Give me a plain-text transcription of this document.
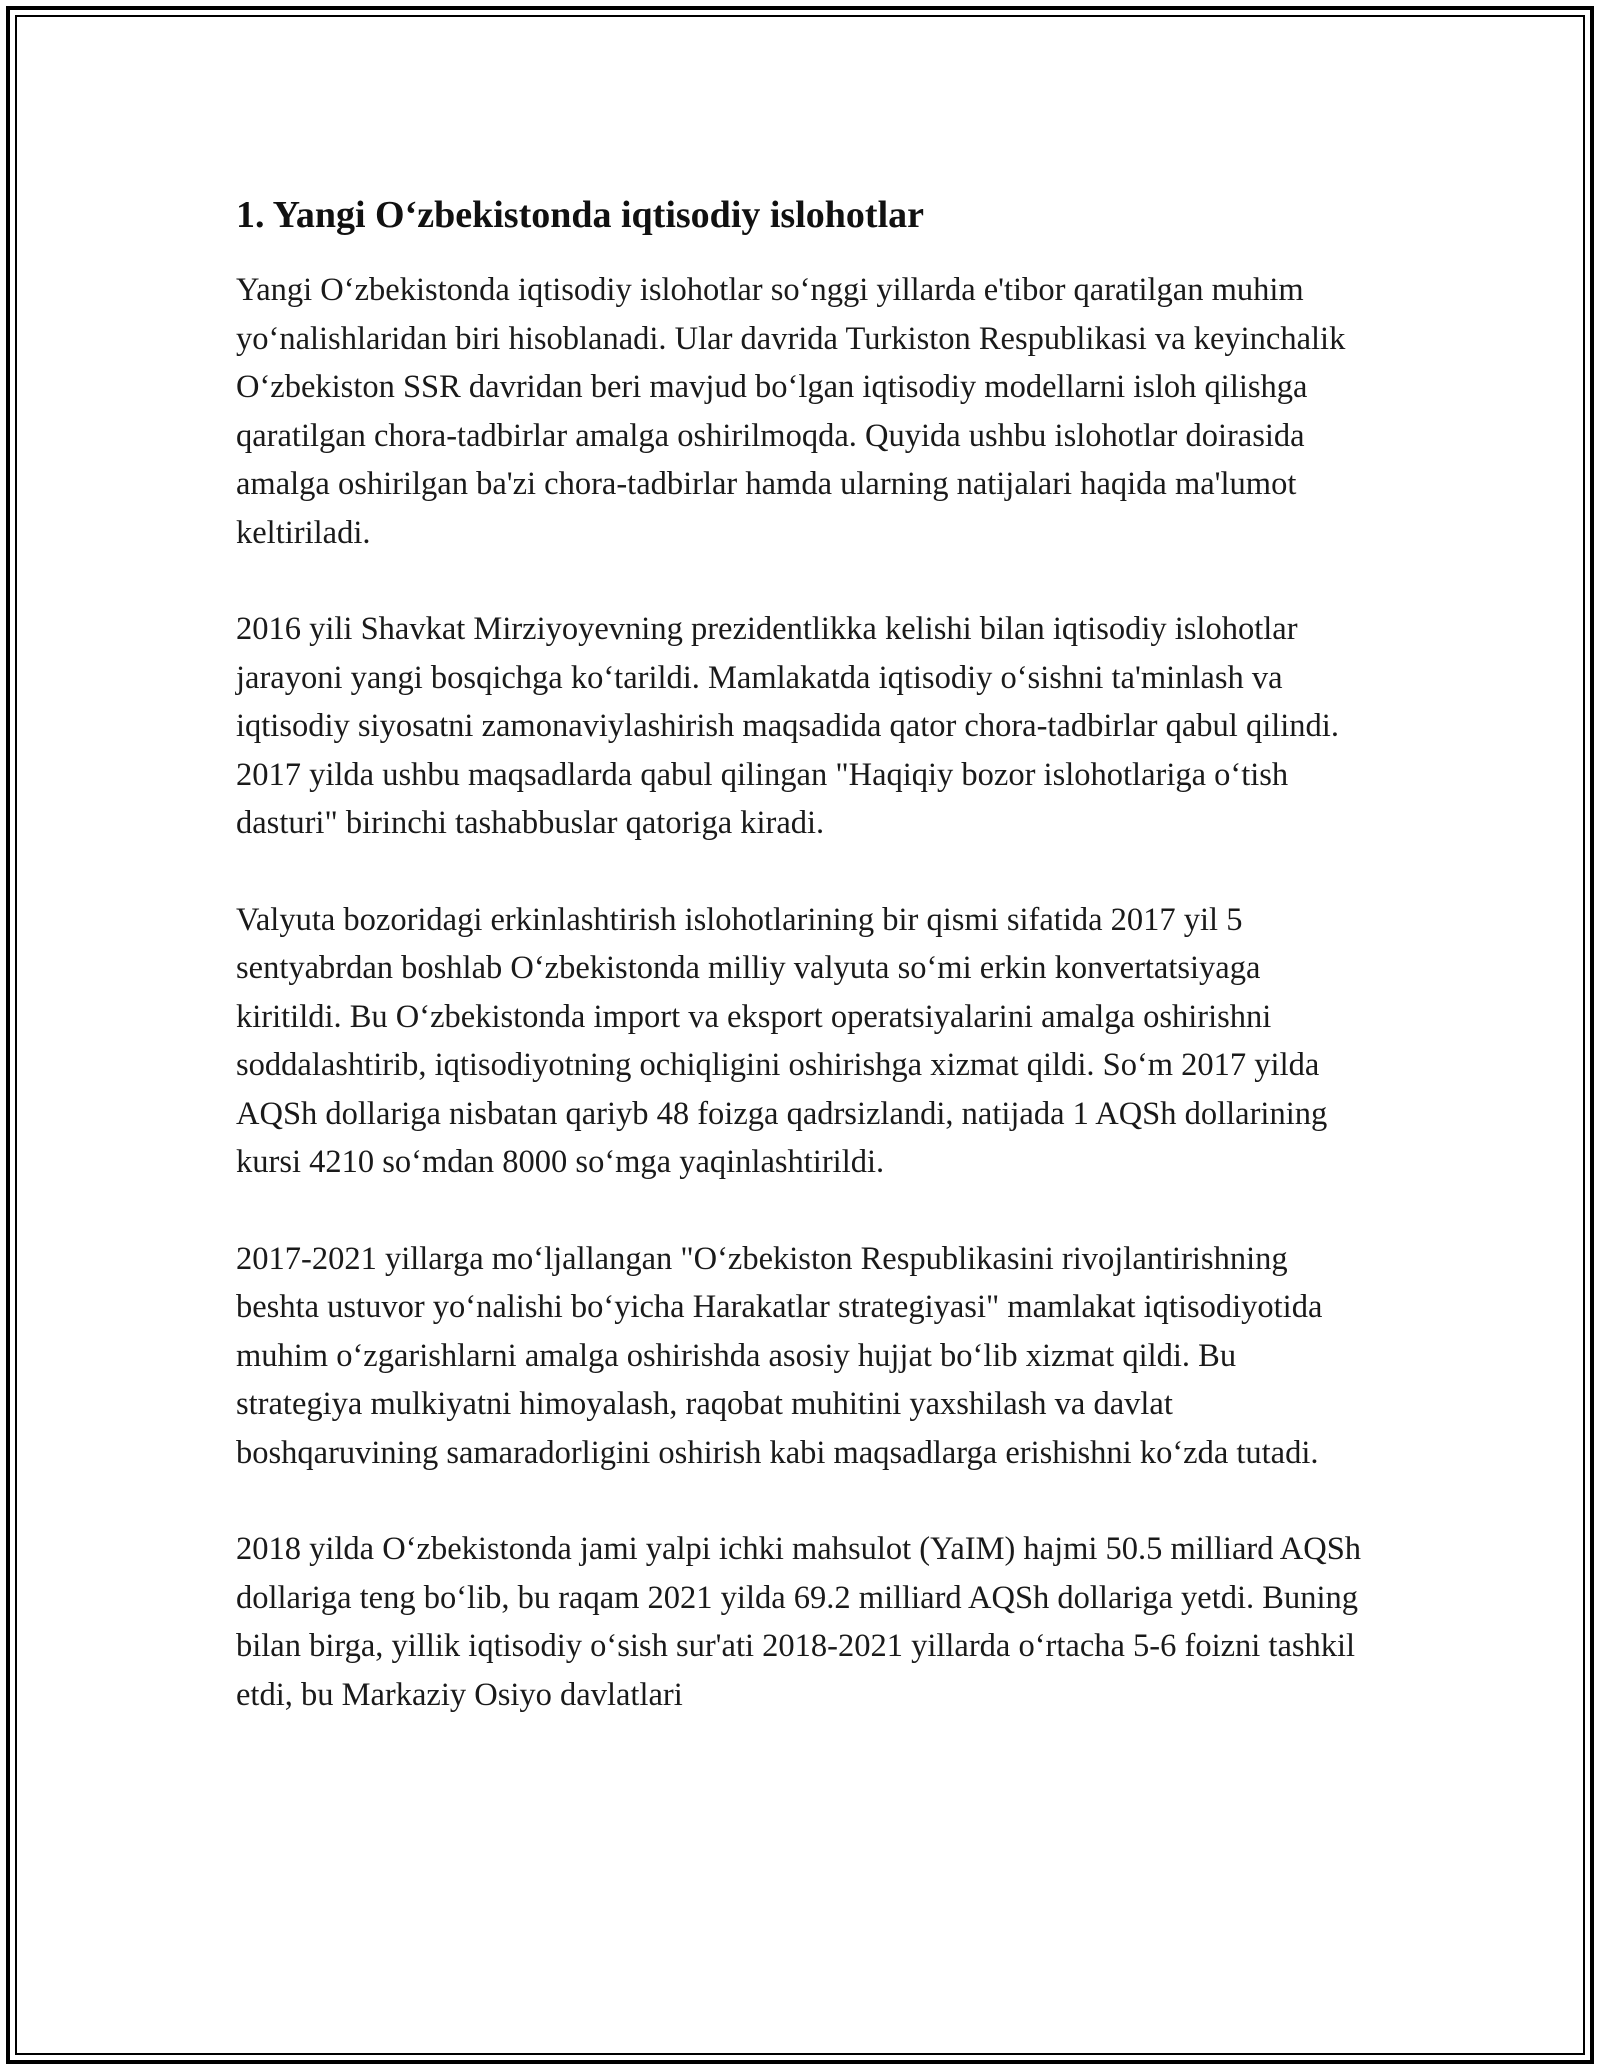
1. Yangi O‘zbekistonda iqtisodiy islohotlar

Yangi O‘zbekistonda iqtisodiy islohotlar so‘nggi yillarda e'tibor qaratilgan muhim yo‘nalishlaridan biri hisoblanadi. Ular davrida Turkiston Respublikasi va keyinchalik O‘zbekiston SSR davridan beri mavjud bo‘lgan iqtisodiy modellarni isloh qilishga qaratilgan chora-tadbirlar amalga oshirilmoqda. Quyida ushbu islohotlar doirasida amalga oshirilgan ba'zi chora-tadbirlar hamda ularning natijalari haqida ma'lumot keltiriladi.

2016 yili Shavkat Mirziyoyevning prezidentlikka kelishi bilan iqtisodiy islohotlar jarayoni yangi bosqichga ko‘tarildi. Mamlakatda iqtisodiy o‘sishni ta'minlash va iqtisodiy siyosatni zamonaviylashirish maqsadida qator chora-tadbirlar qabul qilindi. 2017 yilda ushbu maqsadlarda qabul qilingan "Haqiqiy bozor islohotlariga o‘tish dasturi" birinchi tashabbuslar qatoriga kiradi.

Valyuta bozoridagi erkinlashtirish islohotlarining bir qismi sifatida 2017 yil 5 sentyabrdan boshlab O‘zbekistonda milliy valyuta so‘mi erkin konvertatsiyaga kiritildi. Bu O‘zbekistonda import va eksport operatsiyalarini amalga oshirishni soddalashtirib, iqtisodiyotning ochiqligini oshirishga xizmat qildi. So‘m 2017 yilda AQSh dollariga nisbatan qariyb 48 foizga qadrsizlandi, natijada 1 AQSh dollarining kursi 4210 so‘mdan 8000 so‘mga yaqinlashtirildi.

2017-2021 yillarga mo‘ljallangan "O‘zbekiston Respublikasini rivojlantirishning beshta ustuvor yo‘nalishi bo‘yicha Harakatlar strategiyasi" mamlakat iqtisodiyotida muhim o‘zgarishlarni amalga oshirishda asosiy hujjat bo‘lib xizmat qildi. Bu strategiya mulkiyatni himoyalash, raqobat muhitini yaxshilash va davlat boshqaruvining samaradorligini oshirish kabi maqsadlarga erishishni ko‘zda tutadi.

2018 yilda O‘zbekistonda jami yalpi ichki mahsulot (YaIM) hajmi 50.5 milliard AQSh dollariga teng bo‘lib, bu raqam 2021 yilda 69.2 milliard AQSh dollariga yetdi. Buning bilan birga, yillik iqtisodiy o‘sish sur'ati 2018-2021 yillarda o‘rtacha 5-6 foizni tashkil etdi, bu Markaziy Osiyo davlatlari
